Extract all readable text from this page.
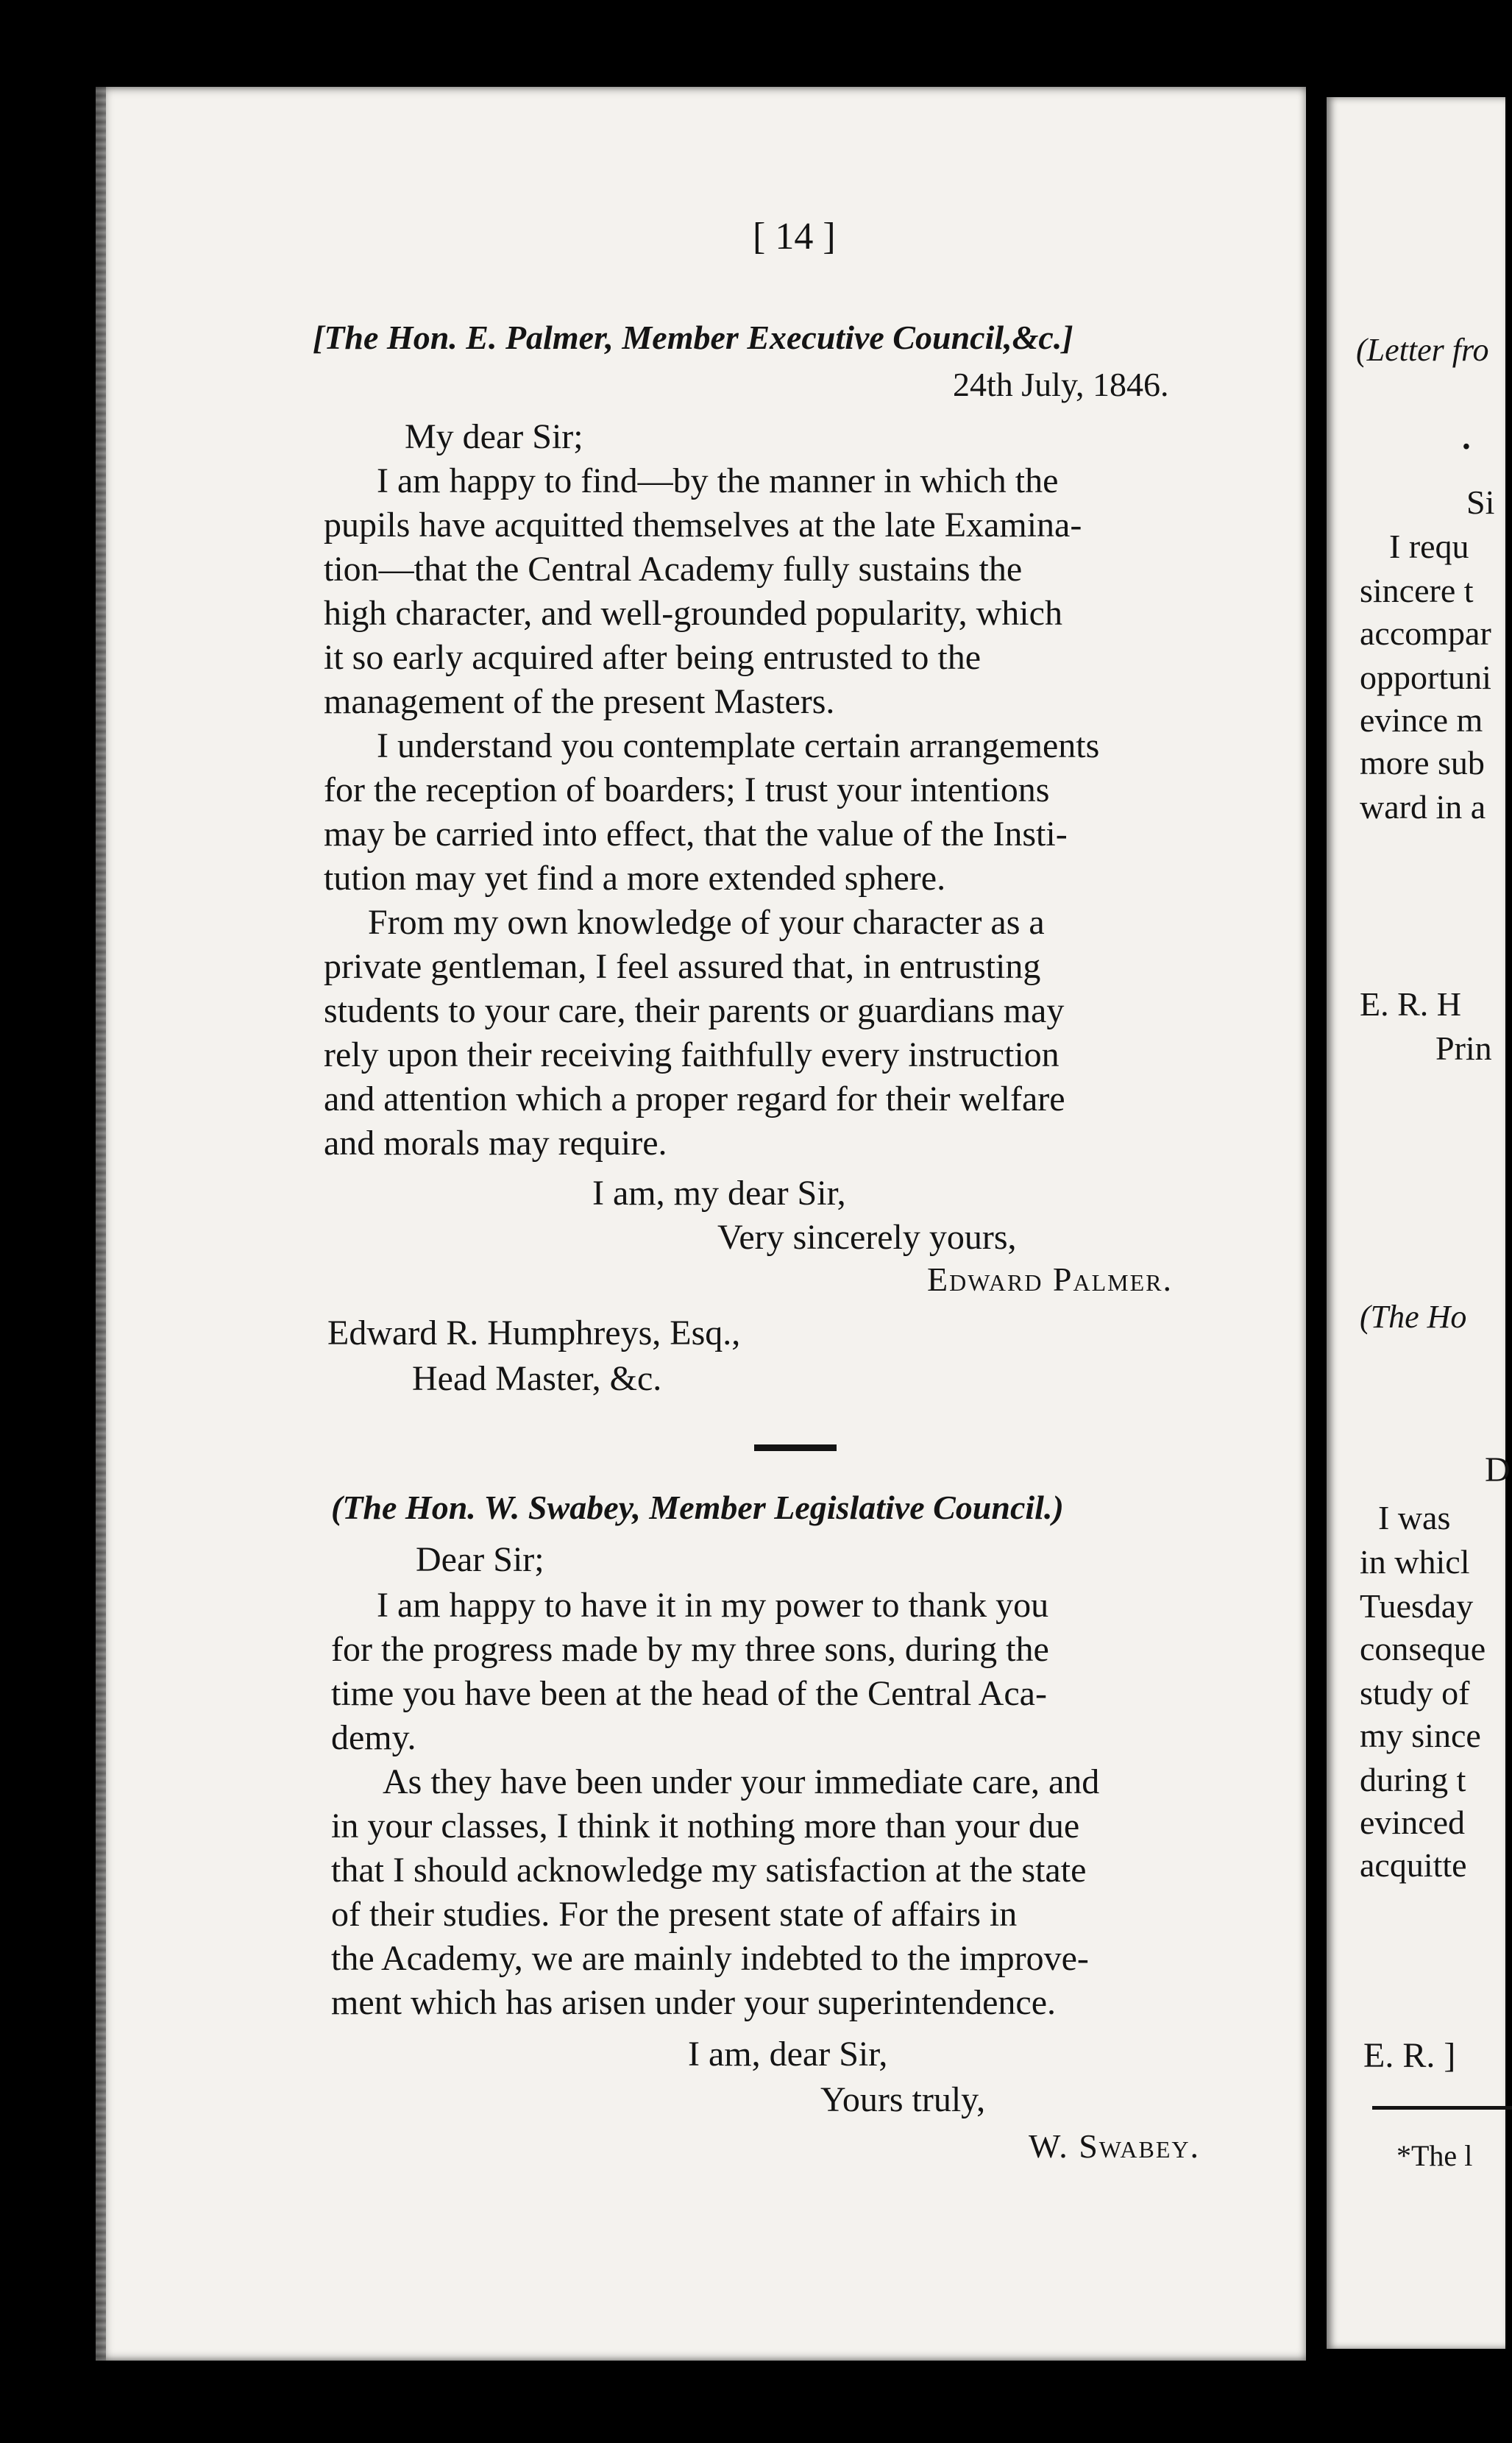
[ 14 ]
[The Hon. E. Palmer, Member Executive Council,&c.]
24th July, 1846.
My dear Sir;
I am happy to find—by the manner in which the
pupils have acquitted themselves at the late Examina-
tion—that the Central Academy fully sustains the
high character, and well-grounded popularity, which
it so early acquired after being entrusted to the
management of the present Masters.
I understand you contemplate certain arrangements
for the reception of boarders; I trust your intentions
may be carried into effect, that the value of the Insti-
tution may yet find a more extended sphere.
From my own knowledge of your character as a
private gentleman, I feel assured that, in entrusting
students to your care, their parents or guardians may
rely upon their receiving faithfully every instruction
and attention which a proper regard for their welfare
and morals may require.
I am, my dear Sir,
Very sincerely yours,
Edward Palmer.
Edward R. Humphreys, Esq.,
Head Master, &c.
(The Hon. W. Swabey, Member Legislative Council.)
Dear Sir;
I am happy to have it in my power to thank you
for the progress made by my three sons, during the
time you have been at the head of the Central Aca-
demy.
As they have been under your immediate care, and
in your classes, I think it nothing more than your due
that I should acknowledge my satisfaction at the state
of their studies. For the present state of affairs in
the Academy, we are mainly indebted to the improve-
ment which has arisen under your superintendence.
I am, dear Sir,
Yours truly,
W. Swabey.
(Letter fro
•
Si
I requ
sincere t
accompar
opportuni
evince m
more sub
ward in a
E. R. H
Prin
(The Ho
D
I was
in whicl
Tuesday
conseque
study of
my since
during t
evinced
acquitte
E. R. ]
*The l
